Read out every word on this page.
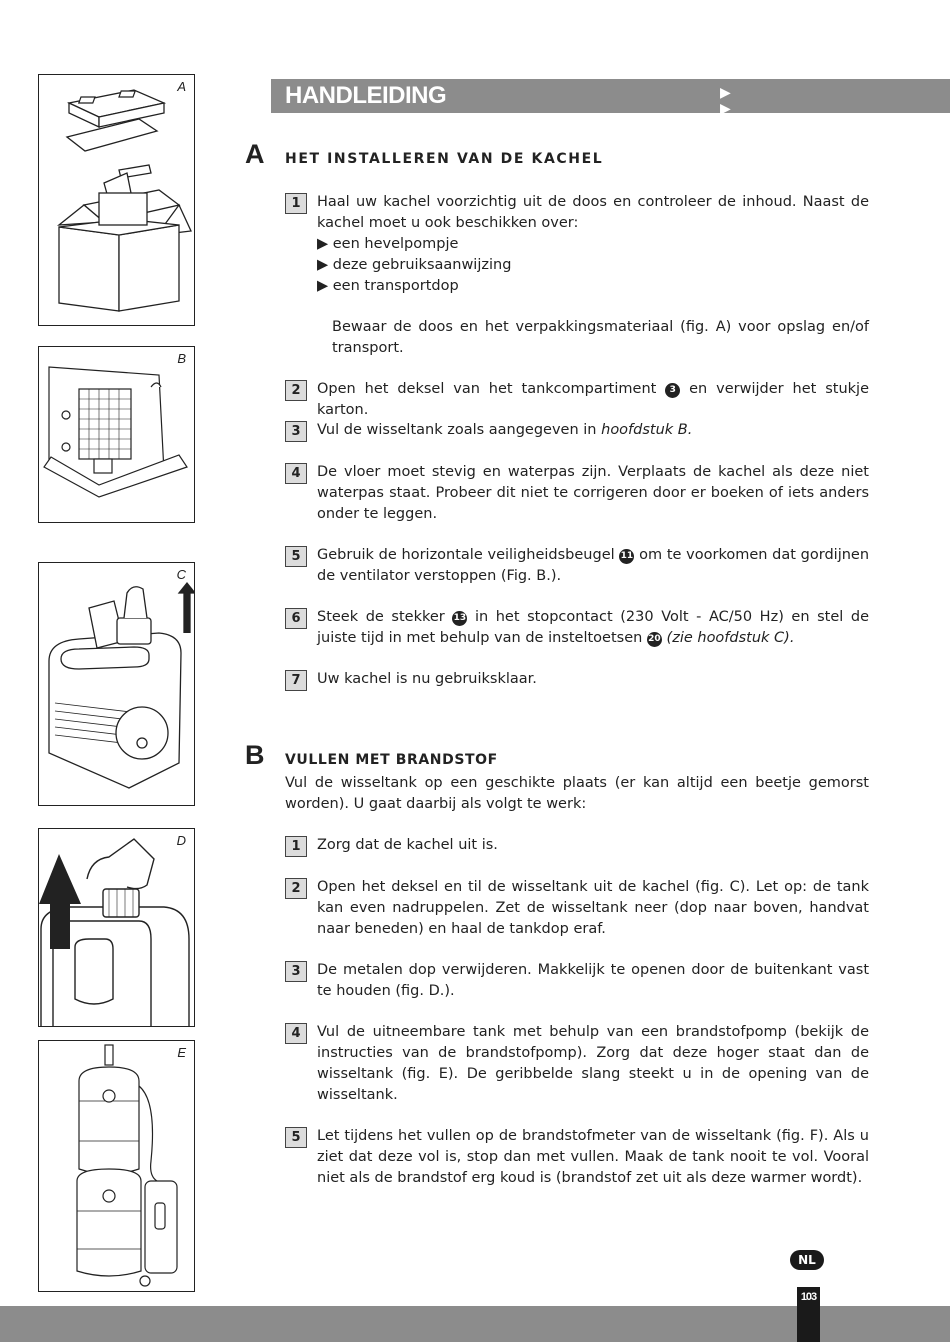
A
B
C
D
E
HANDLEIDING	▶ ▶ ▶ ▶ ▶ ▶
A HET INSTALLEREN VAN DE KACHEL
1	Haal uw kachel voorzichtig uit de doos en controleer de inhoud. Naast de kachel moet u ook beschikken over:
▶ een hevelpompje
▶ deze gebruiksaanwijzing
▶ een transportdop
Bewaar de doos en het verpakkingsmateriaal (fig. A) voor opslag en/of transport.
2	Open het deksel van het tankcompartiment 3 en verwijder het stukje karton.
3	Vul de wisseltank zoals aangegeven in hoofdstuk B.
4	De vloer moet stevig en waterpas zijn. Verplaats de kachel als deze niet waterpas staat. Probeer dit niet te corrigeren door er boeken of iets anders onder te leggen.
5	Gebruik de horizontale veiligheidsbeugel 11 om te voorkomen dat gordijnen de ventilator verstoppen (Fig. B.).
6	Steek de stekker 13 in het stopcontact (230 Volt - AC/50 Hz) en stel de juiste tijd in met behulp van de insteltoetsen 20 (zie hoofdstuk C).
7	Uw kachel is nu gebruiksklaar.
B VULLEN MET BRANDSTOF
Vul de wisseltank op een geschikte plaats (er kan altijd een beetje gemorst worden). U gaat daarbij als volgt te werk:
1	Zorg dat de kachel uit is.
2	Open het deksel en til de wisseltank uit de kachel (fig. C). Let op: de tank kan even nadruppelen. Zet de wisseltank neer (dop naar boven, handvat naar beneden) en haal de tankdop eraf.
3	De metalen dop verwijderen. Makkelijk te openen door de buitenkant vast te houden (fig. D.).
4	Vul de uitneembare tank met behulp van een brandstofpomp (bekijk de instructies van de brandstofpomp). Zorg dat deze hoger staat dan de wisseltank (fig. E). De geribbelde slang steekt u in de opening van de wisseltank.
5	Let tijdens het vullen op de brandstofmeter van de wisseltank (fig. F). Als u ziet dat deze vol is, stop dan met vullen. Maak de tank nooit te vol. Vooral niet als de brandstof erg koud is (brandstof zet uit als deze warmer wordt).
NL
103
